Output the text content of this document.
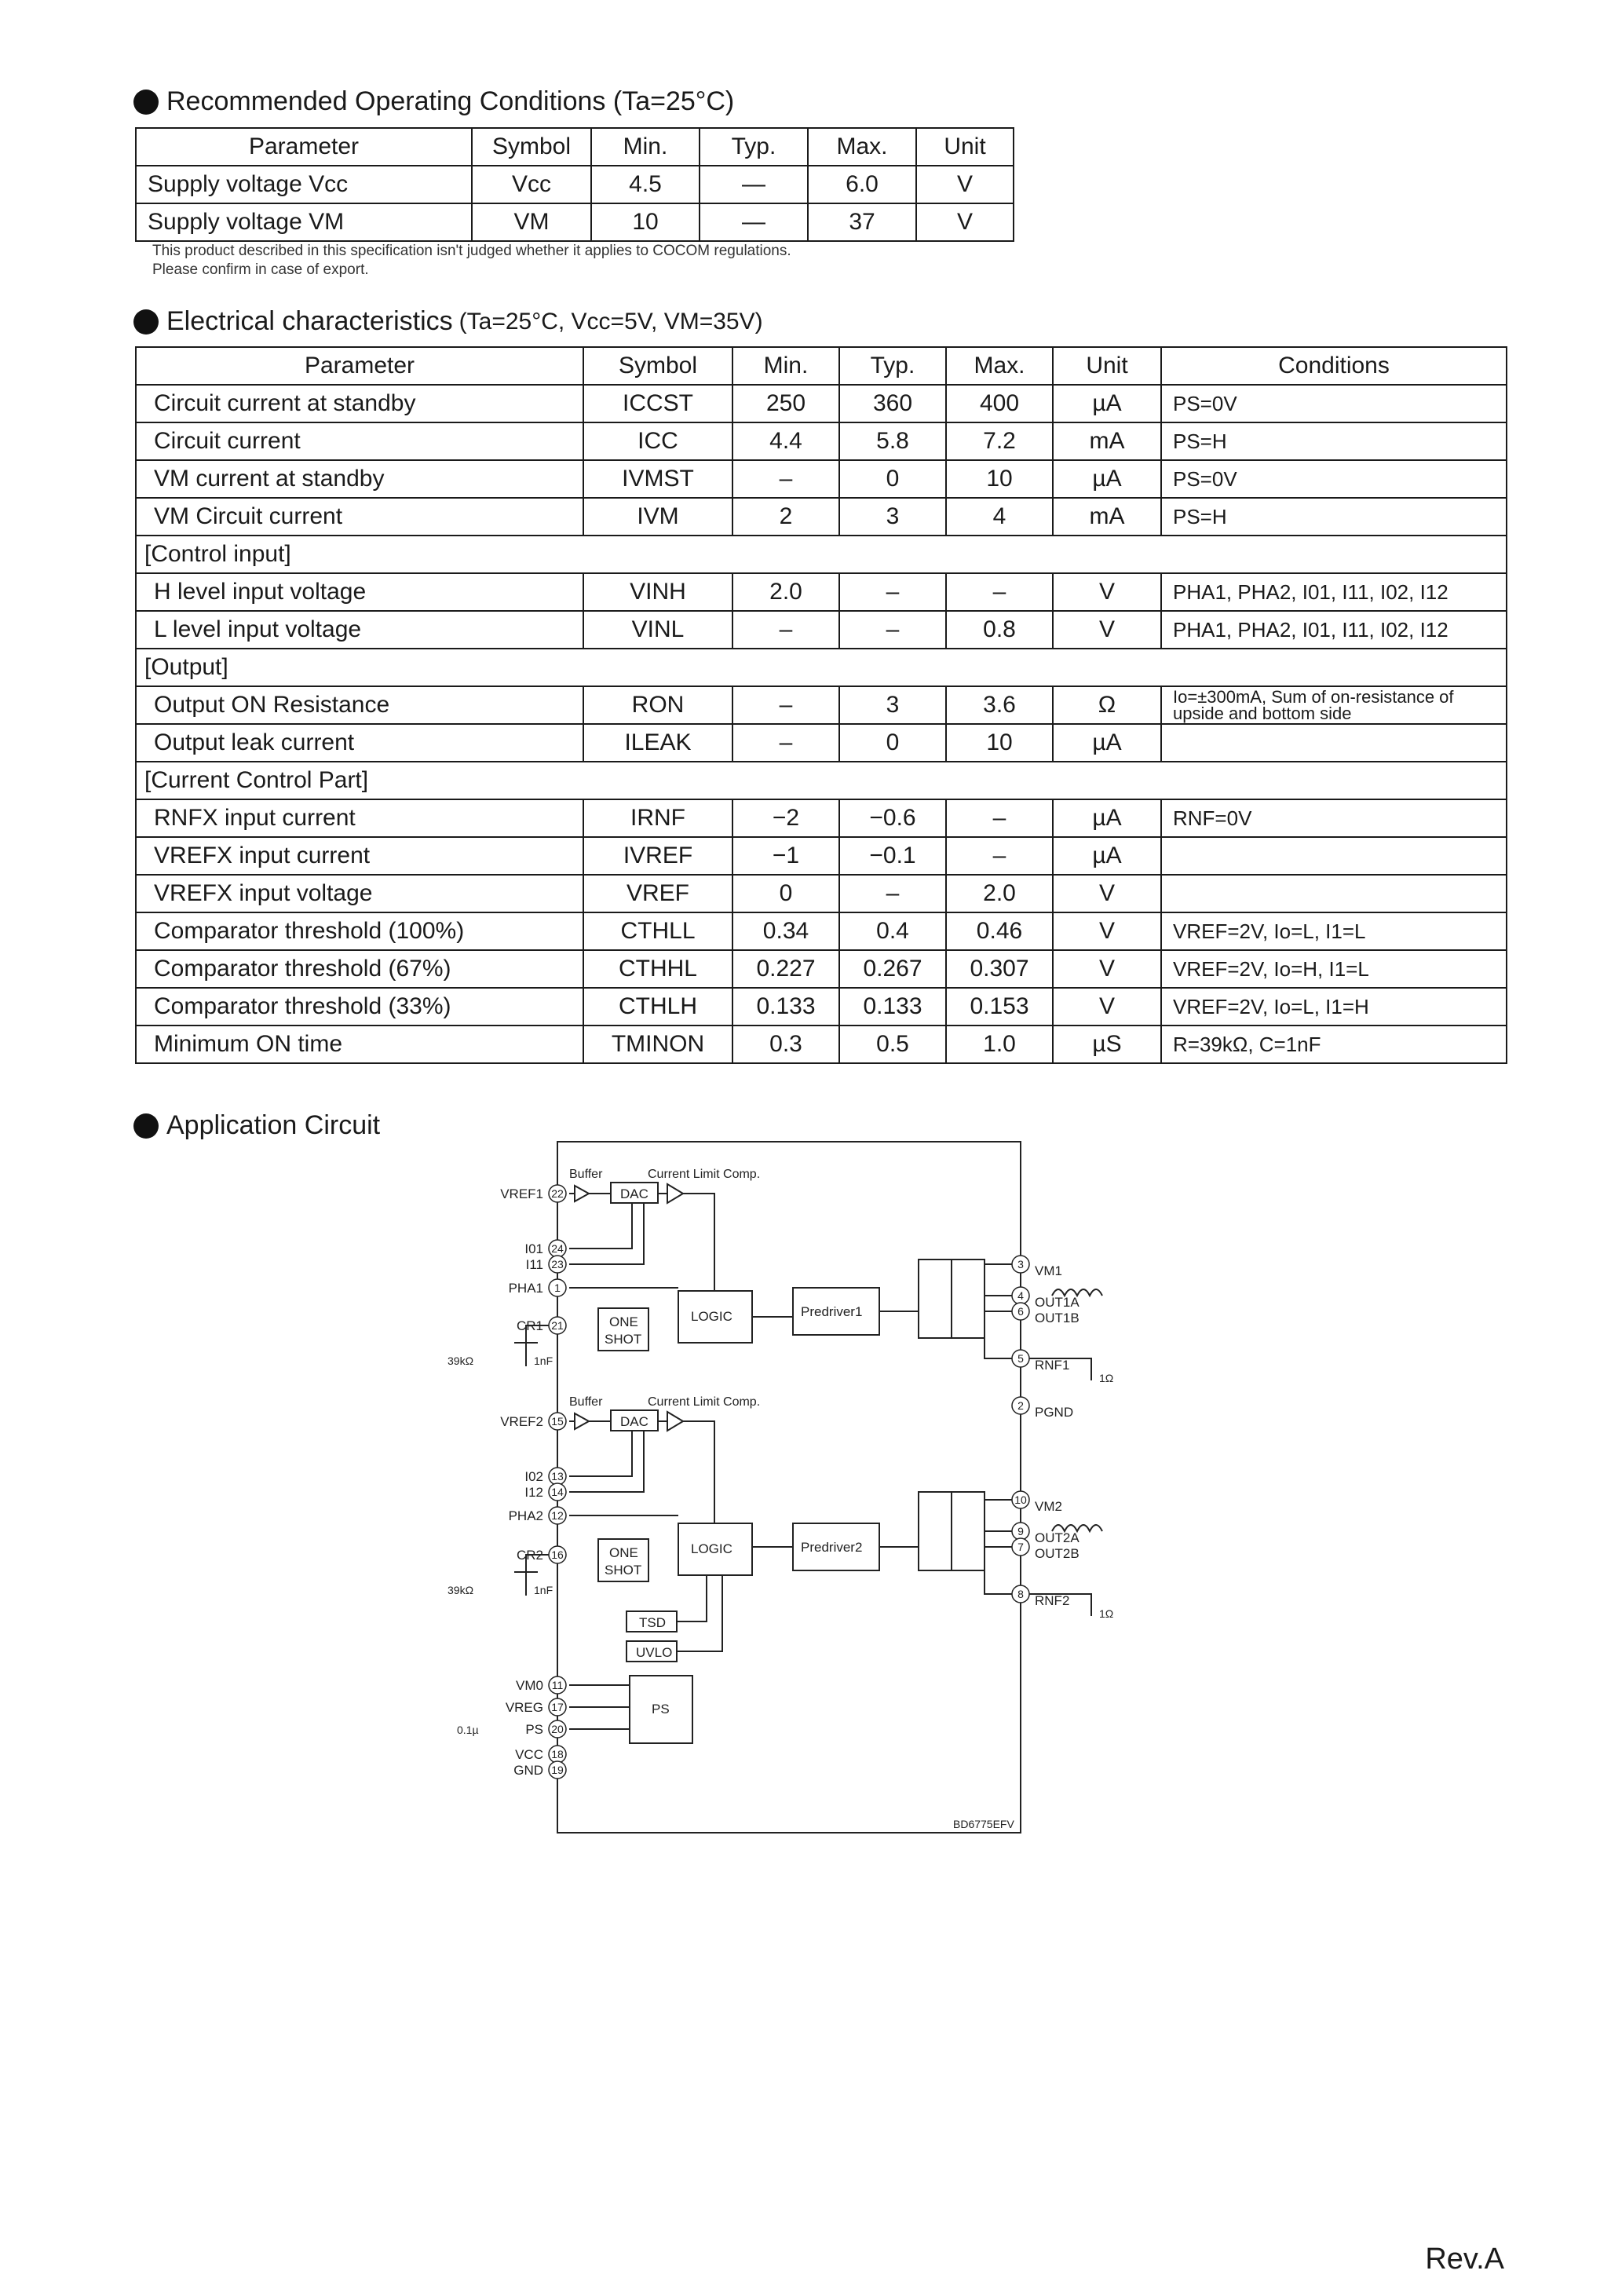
Recommended Operating Conditions (Ta=25°C)
Parameter	Symbol	Min.	Typ.	Max.	Unit
Supply voltage Vcc	Vcc	4.5	—	6.0	V
Supply voltage VM	VM	10	—	37	V
This product described in this specification isn't judged whether it applies to COCOM regulations.
Please confirm in case of export.
Electrical characteristics (Ta=25°C, Vcc=5V, VM=35V)
Parameter	Symbol	Min.	Typ.	Max.	Unit	Conditions
Circuit current at standby	ICCST	250	360	400	µA	PS=0V
Circuit current	ICC	4.4	5.8	7.2	mA	PS=H
VM current at standby	IVMST	–	0	10	µA	PS=0V
VM Circuit current	IVM	2	3	4	mA	PS=H
[Control input]						
H level input voltage	VINH	2.0	–	–	V	PHA1, PHA2, I01, I11, I02, I12
L level input voltage	VINL	–	–	0.8	V	PHA1, PHA2, I01, I11, I02, I12
[Output]						
Output ON Resistance	RON	–	3	3.6	Ω	Io=±300mA, Sum of on-resistance of upside and bottom side
Output leak current	ILEAK	–	0	10	µA	
[Current Control Part]						
RNFX input current	IRNF	−2	−0.6	–	µA	RNF=0V
VREFX input current	IVREF	−1	−0.1	–	µA	
VREFX input voltage	VREF	0	–	2.0	V	
Comparator threshold (100%)	CTHLL	0.34	0.4	0.46	V	VREF=2V, Io=L, I1=L
Comparator threshold (67%)	CTHHL	0.227	0.267	0.307	V	VREF=2V, Io=H, I1=L
Comparator threshold (33%)	CTHLH	0.133	0.133	0.153	V	VREF=2V, Io=L, I1=H
Minimum ON time	TMINON	0.3	0.5	1.0	µS	R=39kΩ, C=1nF
Application Circuit
Buffer	Current Limit Comp.
DAC
ONE
SHOT
LOGIC	Predriver1
Buffer	Current Limit Comp.
DAC
ONE
SHOT
LOGIC	Predriver2
TSD
UVLO
PS
39kΩ	1nF
39kΩ	1nF
0.1µ
1Ω
1Ω
BD6775EFV
22
VREF1
24
I01
23
I11
1
PHA1
21
CR1
15
VREF2
13
I02
14
I12
12
PHA2
16
CR2
11
VM0
17
VREG
20
PS
18
VCC
19
GND
3 VM1
4 OUT1A
6 OUT1B
5 RNF1
2 PGND
10 VM2
9 OUT2A
7 OUT2B
8 RNF2
Rev.A
